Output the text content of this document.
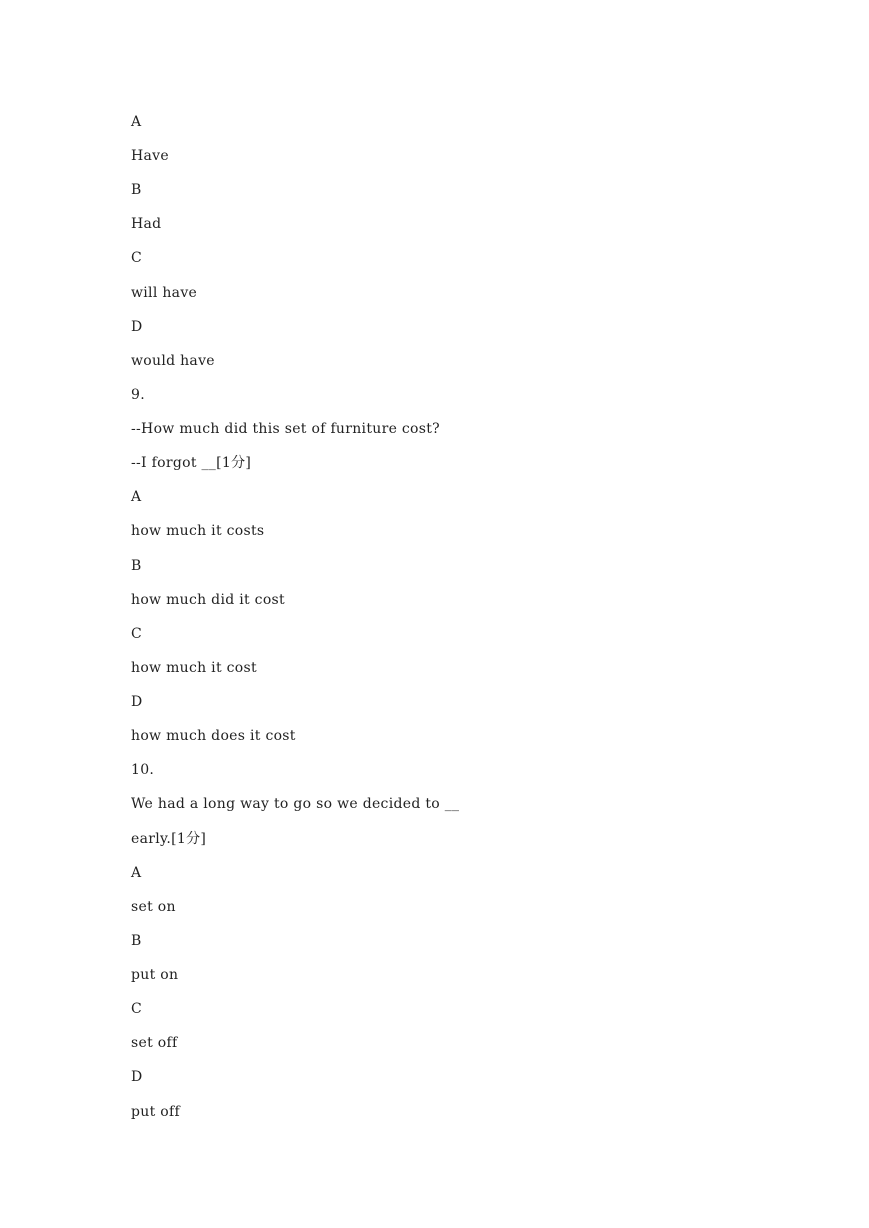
A
Have
B
Had
C
will have
D
would have
9.
--How much did this set of furniture cost?
--I forgot __[1分]
A
how much it costs
B
how much did it cost
C
how much it cost
D
how much does it cost
10.
We had a long way to go so we decided to __
early.[1分]
A
set on
B
put on
C
set off
D
put off
